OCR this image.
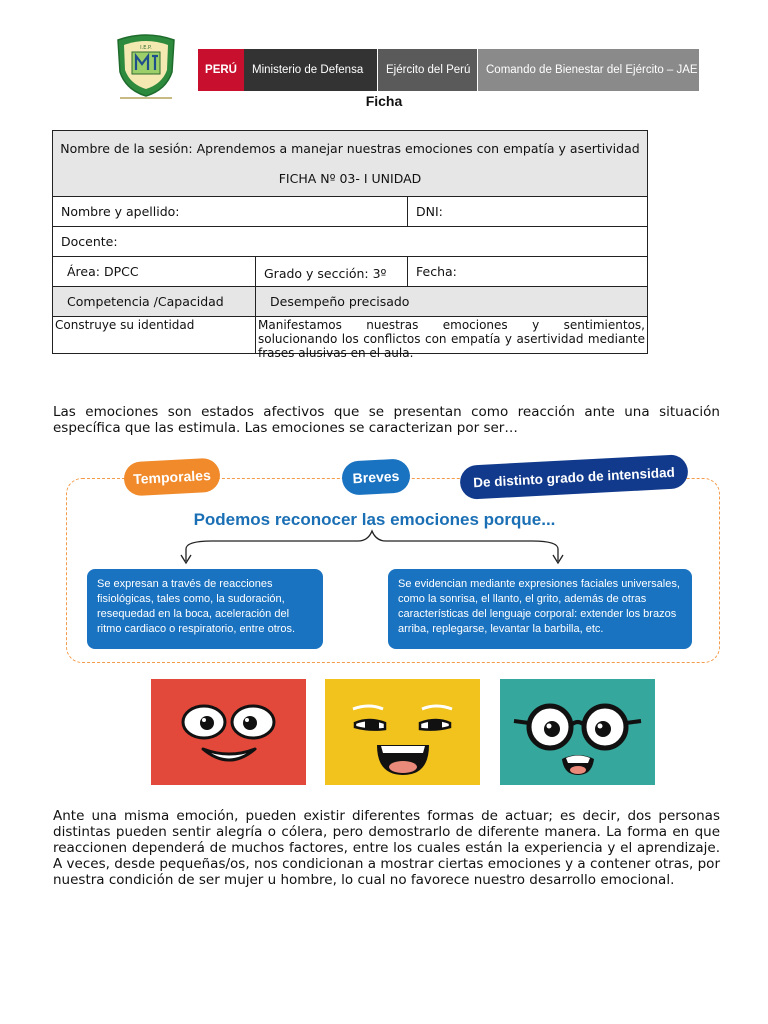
I.E.P.
PERÚ	Ministerio de Defensa	Ejército del Perú	Comando de Bienestar del Ejército – JAE
Ficha
Nombre de la sesión: Aprendemos a manejar nuestras emociones con empatía y asertividad
FICHA Nº 03- I UNIDAD
Nombre y apellido:	DNI:
Docente:
Área: DPCC	Grado y sección: 3º Fecha:
Competencia /Capacidad	Desempeño precisado
Construye su identidad	Manifestamos nuestras emociones y sentimientos, solucionando los conflictos con empatía y asertividad mediante frases alusivas en el aula.

Las emociones son estados afectivos que se presentan como reacción ante una situación específica que las estimula. Las emociones se caracterizan por ser…

Temporales	Breves	De distinto grado de intensidad
Podemos reconocer las emociones porque...
Se expresan a través de reacciones fisiológicas, tales como, la sudoración, resequedad en la boca, aceleración del ritmo cardiaco o respiratorio, entre otros.
Se evidencian mediante expresiones faciales universales, como la sonrisa, el llanto, el grito, además de otras características del lenguaje corporal: extender los brazos arriba, replegarse, levantar la barbilla, etc.

Ante una misma emoción, pueden existir diferentes formas de actuar; es decir, dos personas distintas pueden sentir alegría o cólera, pero demostrarlo de diferente manera. La forma en que reaccionen dependerá de muchos factores, entre los cuales están la experiencia y el aprendizaje. A veces, desde pequeñas/os, nos condicionan a mostrar ciertas emociones y a contener otras, por nuestra condición de ser mujer u hombre, lo cual no favorece nuestro desarrollo emocional.
